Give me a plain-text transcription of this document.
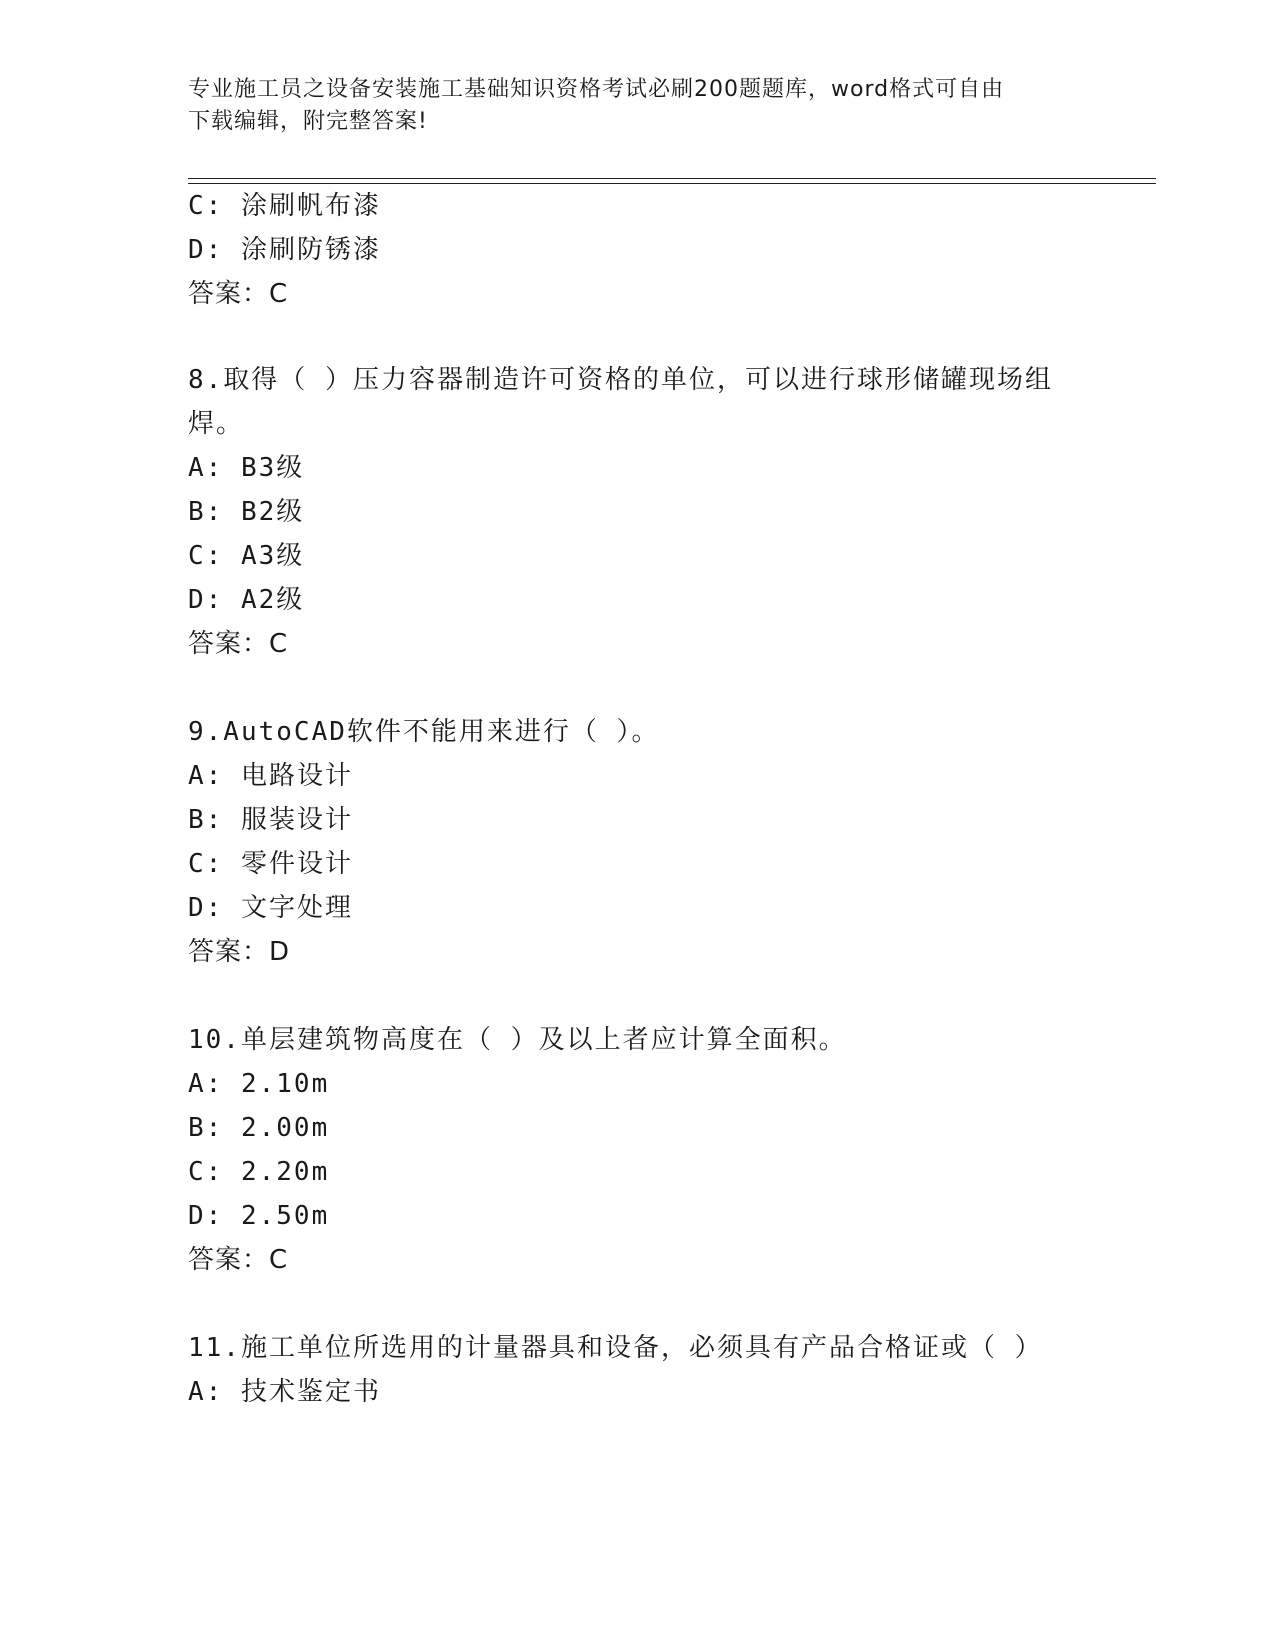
专业施工员之设备安装施工基础知识资格考试必刷200题题库，word格式可自由
下载编辑，附完整答案!
C: 涂刷帆布漆
D: 涂刷防锈漆
答案：C
8.取得（ ）压力容器制造许可资格的单位，可以进行球形储罐现场组
焊。
A: B3级
B: B2级
C: A3级
D: A2级
答案：C
9.AutoCAD软件不能用来进行（ ）。
A: 电路设计
B: 服装设计
C: 零件设计
D: 文字处理
答案：D
10.单层建筑物高度在（ ）及以上者应计算全面积。
A: 2.10m
B: 2.00m
C: 2.20m
D: 2.50m
答案：C
11.施工单位所选用的计量器具和设备，必须具有产品合格证或（ ）
A: 技术鉴定书
